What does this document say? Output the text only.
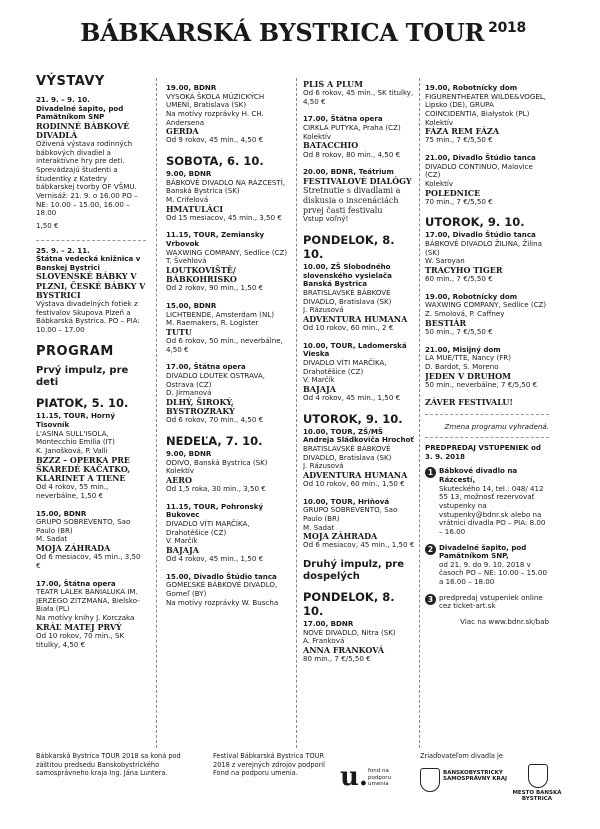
BÁBKARSKÁ BYSTRICA TOUR $^{2018}$
VÝSTAVY
21. 9. – 9. 10.
Divadelné šapito, pod Pamätníkom SNP
RODINNÉ BÁBKOVÉ DIVADLÁ
Oživená výstava rodinných bábkových divadiel a interaktívne hry pre deti. Sprevádzajú študenti a študentky z Katedry bábkarskej tvorby OF VŠMU. Vernisáž: 21. 9. o 16.00 PO – NE: 10.00 – 15.00, 16.00 – 18.00
1,50 €
25. 9. – 2. 11.
Štátna vedecká knižnica v Banskej Bystrici
SLOVENSKÉ BÁBKY V PLZNI, ČESKÉ BÁBKY V BYSTRICI
Výstava divadelných fotiek z festivalov Skupova Plzeň a Bábkarská Bystrica. PO – PIA: 10.00 – 17.00
PROGRAM
Prvý impulz, pre deti
PIATOK, 5. 10.
11.15, TOUR, Horný Tisovník
L'ASINA SULL'ISOLA, Montecchio Emilia (IT)
K. Janošková, P. Valli
BZZZ – OPERKA PRE ŠKAREDÉ KAČATKO, KLARINET A TIENE
Od 4 rokov, 55 min., neverbálne, 1,50 €
15.00, BDNR
GRUPO SOBREVENTO, Sao Paulo (BR)
M. Sadat
MOJA ZÁHRADA
Od 6 mesiacov, 45 min., 3,50 €
17.00, Štátna opera
TEATR LALEK BANIALUKA IM. JERZEGO ZITZMANA, Bielsko-Biała (PL)
Na motívy knihy J. Korczaka
KRÁĽ MATEJ PRVÝ
Od 10 rokov, 70 min., SK titulky, 4,50 €
19.00, BDNR
VYSOKÁ ŠKOLA MÚZICKÝCH UMENÍ, Bratislava (SK)
Na motívy rozprávky H. CH. Andersena
GERDA
Od 9 rokov, 45 min., 4,50 €
SOBOTA, 6. 10.
9.00, BDNR
BÁBKOVÉ DIVADLO NA RÁZCESTÍ, Banská Bystrica (SK)
M. Crifelová
HMATULÁCI
Od 15 mesiacov, 45 min., 3,50 €
11.15, TOUR, Zemiansky Vrbovok
WAXWING COMPANY, Sedlice (CZ)
T. Švehlová
LOUTKOVIŠTĚ/ BÁBKOHRISKO
Od 2 rokov, 90 min., 1,50 €
15.00, BDNR
LICHTBENDE, Amsterdam (NL)
M. Raemakers, R. Logister
TUTU
Od 6 rokov, 50 min., neverbálne, 4,50 €
17.00, Štátna opera
DIVADLO LOUTEK OSTRAVA, Ostrava (CZ)
D. Jirmanová
DLHÝ, ŠIROKÝ, BYSTROZRAKÝ
Od 6 rokov, 70 min., 4,50 €
NEDEĽA, 7. 10.
9.00, BDNR
ODIVO, Banská Bystrica (SK)
Kolektív
AERO
Od 1,5 roka, 30 min., 3,50 €
11.15, TOUR, Pohronský Bukovec
DIVADLO VÍTI MARČÍKA, Drahotěšice (CZ)
V. Marčík
BAJAJA
Od 4 rokov, 45 min., 1,50 €
15.00, Divadlo Štúdio tanca
GOMEĽSKÉ BÁBKOVÉ DIVADLO, Gomeľ (BY)
Na motívy rozprávky W. Buscha
PLIŠ A PLUM
Od 6 rokov, 45 min., SK titulky, 4,50 €
17.00, Štátna opera
CIRKLA PUTYKA, Praha (CZ)
Kolektív
BATACCHIO
Od 8 rokov, 80 min., 4,50 €
20.00, BDNR, Teátrium
FESTIVALOVÉ DIALÓGY
Stretnutie s divadlami a diskusia o inscenáciách prvej časti festivalu
Vstup voľný!
PONDELOK, 8. 10.
10.00, ZŠ Slobodného slovenského vysielača Banská Bystrica
BRATISLAVSKÉ BÁBKOVÉ DIVADLO, Bratislava (SK)
J. Rázusová
ADVENTURA HUMANA
Od 10 rokov, 60 min., 2 €
10.00, TOUR, Ladomerská Vieska
DIVADLO VÍTI MARČÍKA, Drahotěšice (CZ)
V. Marčík
BAJAJA
Od 4 rokov, 45 min., 1,50 €
UTOROK, 9. 10.
10.00, TOUR, ZŠ/MŠ Andreja Sládkoviča Hrochoť
BRATISLAVSKÉ BÁBKOVÉ DIVADLO, Bratislava (SK)
J. Rázusová
ADVENTURA HUMANA
Od 10 rokov, 60 min., 1,50 €
10.00, TOUR, Hriňová
GRUPO SOBREVENTO, Sao Paulo (BR)
M. Sadat
MOJA ZÁHRADA
Od 6 mesiacov, 45 min., 1,50 €
Druhý impulz, pre dospelých
PONDELOK, 8. 10.
17.00, BDNR
NOVÉ DIVADLO, Nitra (SK)
A. Franková
ANNA FRANKOVÁ
80 min., 7 €/5,50 €
19.00, Robotnícky dom
FIGURENTHEATER WILDE&VOGEL, Lipsko (DE), GRUPA COINCIDENTIA, Białystok (PL)
Kolektív
FÁZA REM FÁZA
75 min., 7 €/5,50 €
21.00, Divadlo Štúdio tanca
DIVADLO CONTINUO, Malovice (CZ)
Kolektív
POLEDNICE
70 min., 7 €/5,50 €
UTOROK, 9. 10.
17.00, Divadlo Štúdio tanca
BÁBKOVÉ DIVADLO ŽILINA, Žilina (SK)
W. Saroyan
TRACYHO TIGER
60 min., 7 €/5,50 €
19.00, Robotnícky dom
WAXWING COMPANY, Sedlice (CZ)
Z. Smolová, P. Caffney
BESTIÁR
50 min., 7 €/5,50 €
21.00, Misijný dom
LA MUE/TTE, Nancy (FR)
D. Bardot, S. Moreno
JEDEN V DRUHOM
50 min., neverbálne, 7 €/5,50 €
ZÁVER FESTIVALU!
Zmena programu vyhradená.
PREDPREDAJ VSTUPENIEK od 3. 9. 2018
1 Bábkové divadlo na Rázcestí,
Skuteckého 14, tel.: 048/ 412 55 13, možnosť rezervovať vstupenky na vstupenky@bdnr.sk alebo na vrátnici divadla PO – PIA: 8.00 – 16.00
2 Divadelné šapito, pod Pamätníkom SNP,
od 21. 9. do 9. 10. 2018 v časoch PO – NE: 10.00 – 15.00 a 16.00 – 18.00
3 predpredaj vstupeniek online cez ticket-art.sk
Viac na www.bdnr.sk/bab
Bábkarská Bystrica TOUR 2018 sa koná pod záštitou predsedu Banskobystrického samosprávneho kraja Ing. Jána Luntera.
Festival Bábkarská Bystrica TOUR 2018 z verejných zdrojov podporil Fond na podporu umenia.	u. fond na podporu umenia
Zriaďovateľom divadla je
BANSKOBYSTRICKÝ SAMOSPRÁVNY KRAJ
MESTO BANSKÁ BYSTRICA
